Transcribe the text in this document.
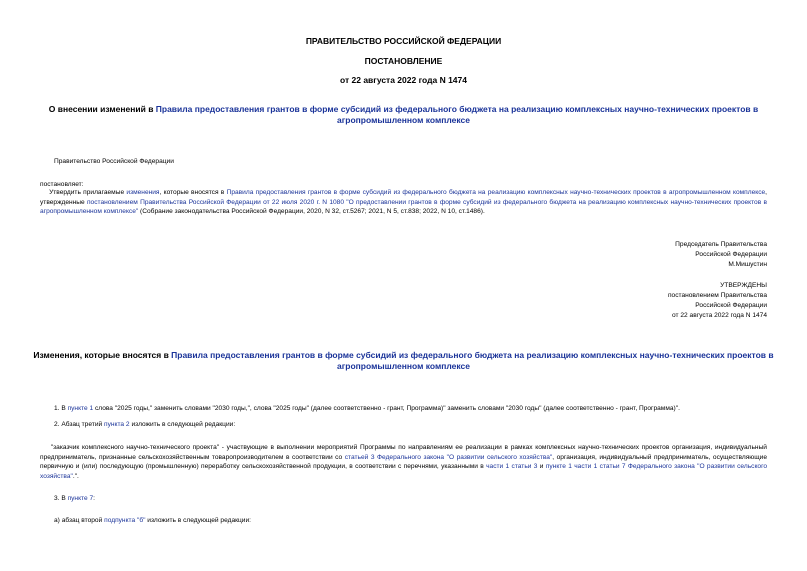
ПРАВИТЕЛЬСТВО РОССИЙСКОЙ ФЕДЕРАЦИИ
ПОСТАНОВЛЕНИЕ
от 22 августа 2022 года N 1474
О внесении изменений в Правила предоставления грантов в форме субсидий из федерального бюджета на реализацию комплексных научно-технических проектов в агропромышленном комплексе
Правительство Российской Федерации
постановляет:
Утвердить прилагаемые изменения, которые вносятся в Правила предоставления грантов в форме субсидий из федерального бюджета на реализацию комплексных научно-технических проектов в агропромышленном комплексе, утвержденные постановлением Правительства Российской Федерации от 22 июля 2020 г. N 1080 "О предоставлении грантов в форме субсидий из федерального бюджета на реализацию комплексных научно-технических проектов в агропромышленном комплексе" (Собрание законодательства Российской Федерации, 2020, N 32, ст.5267; 2021, N 5, ст.838; 2022, N 10, ст.1486).
Председатель Правительства
Российской Федерации
М.Мишустин
УТВЕРЖДЕНЫ
постановлением Правительства
Российской Федерации
от 22 августа 2022 года N 1474
Изменения, которые вносятся в Правила предоставления грантов в форме субсидий из федерального бюджета на реализацию комплексных научно-технических проектов в агропромышленном комплексе
1. В пункте 1 слова "2025 годы," заменить словами "2030 годы,", слова "2025 годы" (далее соответственно - грант, Программа)" заменить словами "2030 годы" (далее соответственно - грант, Программа)".
2. Абзац третий пункта 2 изложить в следующей редакции:
"заказчик комплексного научно-технического проекта" - участвующие в выполнении мероприятий Программы по направлениям ее реализации в рамках комплексных научно-технических проектов организация, индивидуальный предприниматель, признанные сельскохозяйственным товаропроизводителем в соответствии со статьей 3 Федерального закона "О развитии сельского хозяйства", организация, индивидуальный предприниматель, осуществляющие первичную и (или) последующую (промышленную) переработку сельскохозяйственной продукции, в соответствии с перечнями, указанными в части 1 статьи 3 и пункте 1 части 1 статьи 7 Федерального закона "О развитии сельского хозяйства".".
3. В пункте 7:
а) абзац второй подпункта "б" изложить в следующей редакции:
